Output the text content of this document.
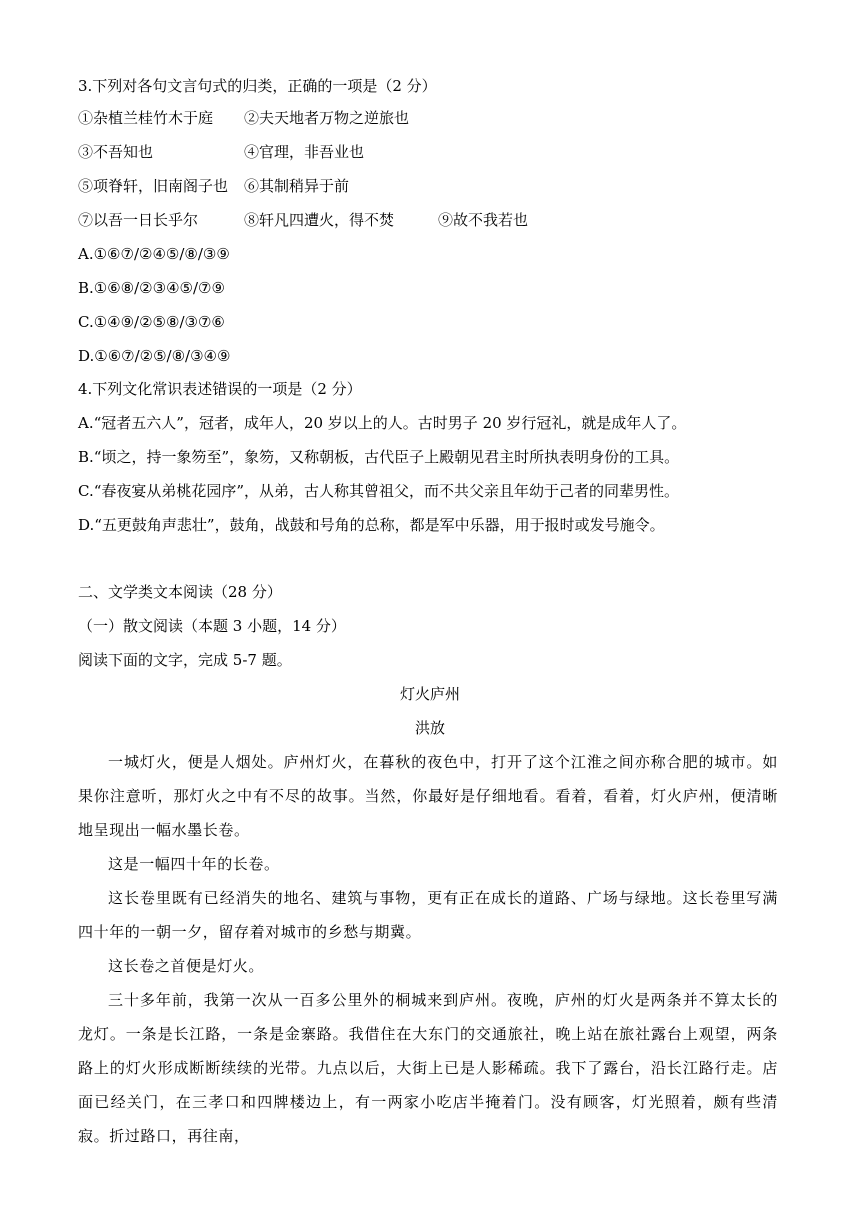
3.下列对各句文言句式的归类，正确的一项是（2 分）
①杂植兰桂竹木于庭 ②夫天地者万物之逆旅也
③不吾知也	④官理，非吾业也
⑤项脊轩，旧南阁子也 ⑥其制稍异于前
⑦以吾一日长乎尔	⑧轩凡四遭火，得不焚	⑨故不我若也
A.①⑥⑦/②④⑤/⑧/③⑨
B.①⑥⑧/②③④⑤/⑦⑨
C.①④⑨/②⑤⑧/③⑦⑥
D.①⑥⑦/②⑤/⑧/③④⑨
4.下列文化常识表述错误的一项是（2 分）
A.“冠者五六人”，冠者，成年人，20 岁以上的人。古时男子 20 岁行冠礼，就是成年人了。
B.“顷之，持一象笏至”，象笏，又称朝板，古代臣子上殿朝见君主时所执表明身份的工具。
C.“春夜宴从弟桃花园序”，从弟，古人称其曾祖父，而不共父亲且年幼于己者的同辈男性。
D.“五更鼓角声悲壮”，鼓角，战鼓和号角的总称，都是军中乐器，用于报时或发号施令。
二、文学类文本阅读（28 分）
（一）散文阅读（本题 3 小题，14 分）
阅读下面的文字，完成 5-7 题。
灯火庐州
洪放
一城灯火，便是人烟处。庐州灯火，在暮秋的夜色中，打开了这个江淮之间亦称合肥的城市。如果你注意听，那灯火之中有不尽的故事。当然，你最好是仔细地看。看着，看着，灯火庐州，便清晰地呈现出一幅水墨长卷。
这是一幅四十年的长卷。
这长卷里既有已经消失的地名、建筑与事物，更有正在成长的道路、广场与绿地。这长卷里写满四十年的一朝一夕，留存着对城市的乡愁与期冀。
这长卷之首便是灯火。
三十多年前，我第一次从一百多公里外的桐城来到庐州。夜晚，庐州的灯火是两条并不算太长的龙灯。一条是长江路，一条是金寨路。我借住在大东门的交通旅社，晚上站在旅社露台上观望，两条路上的灯火形成断断续续的光带。九点以后，大街上已是人影稀疏。我下了露台，沿长江路行走。店面已经关门，在三孝口和四牌楼边上，有一两家小吃店半掩着门。没有顾客，灯光照着，颇有些清寂。折过路口，再往南，
